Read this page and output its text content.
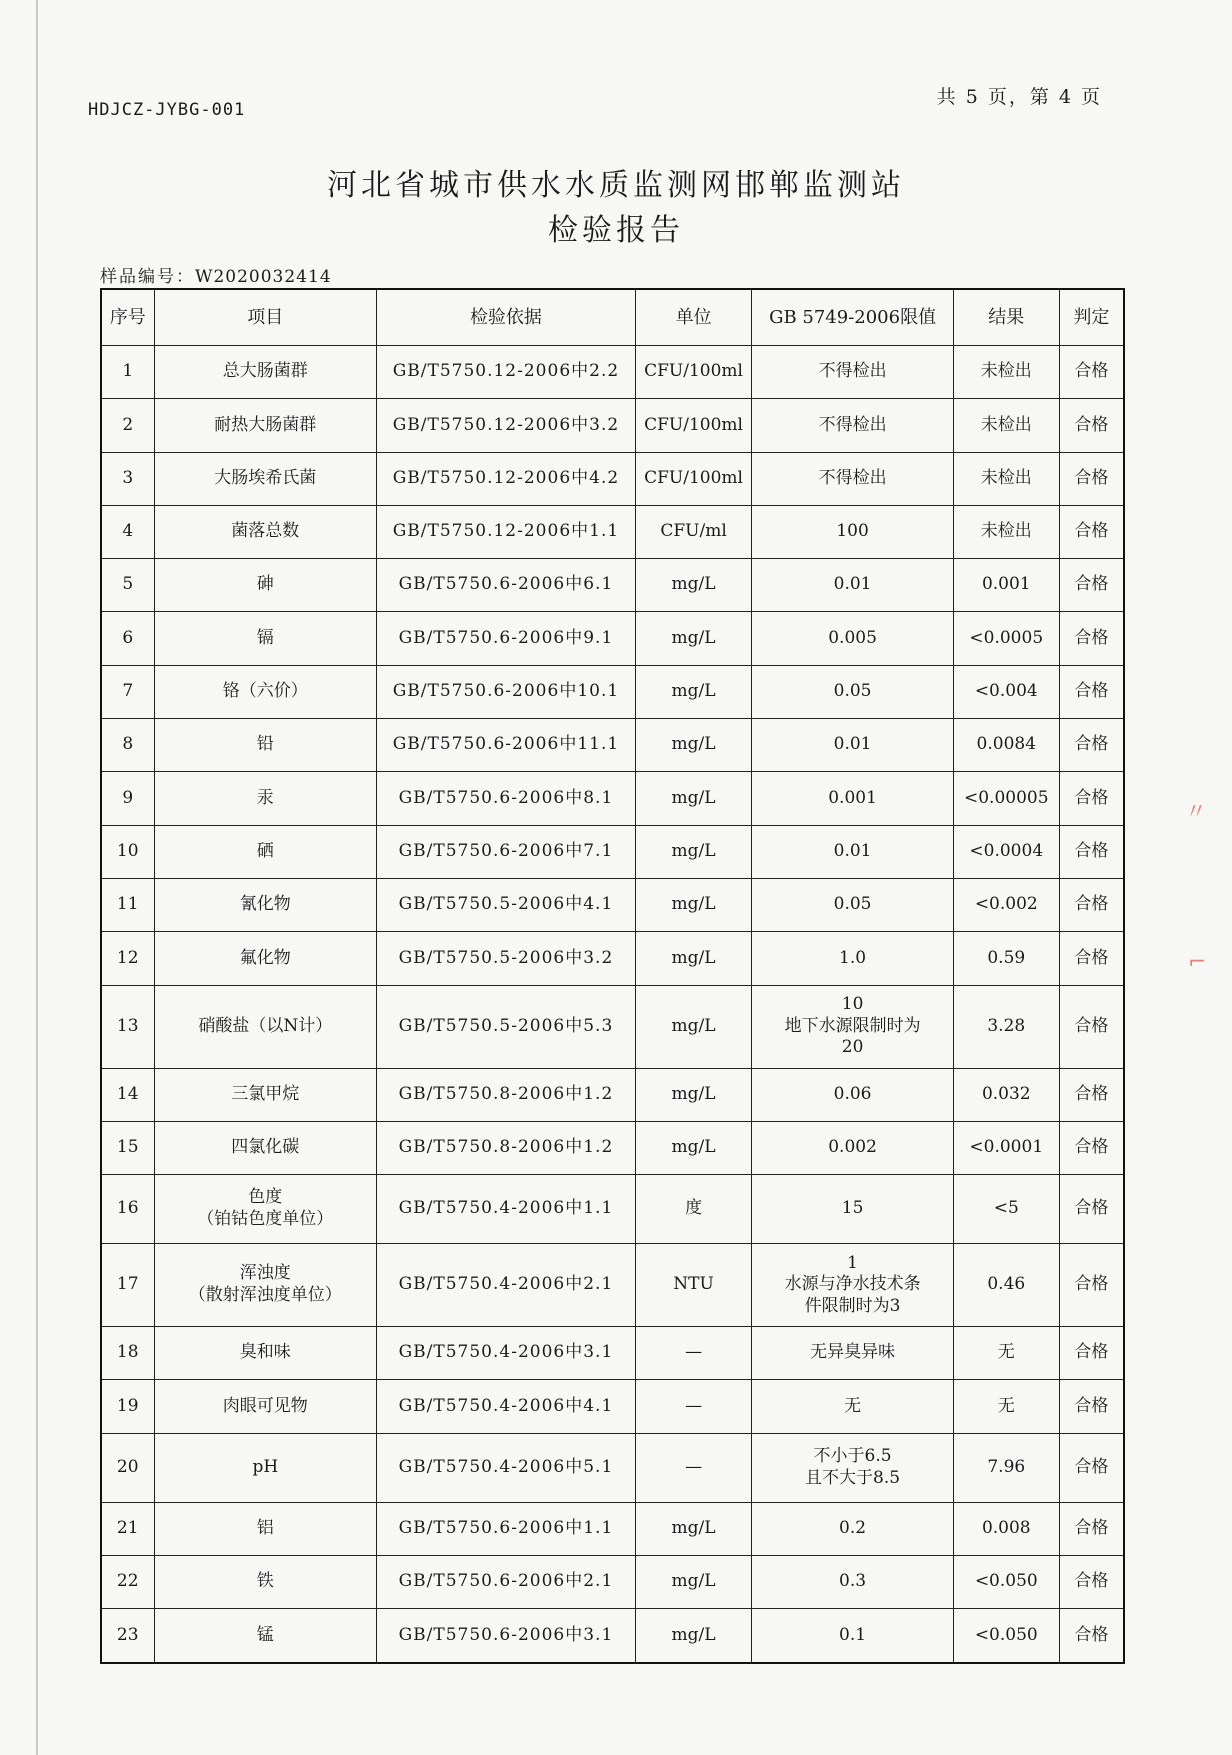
HDJCZ-JYBG-001
共 5 页，第 4 页
河北省城市供水水质监测网邯郸监测站
检验报告
样品编号：W2020032414
序号	项目	检验依据	单位	GB 5749-2006限值	结果	判定
1	总大肠菌群	GB/T5750.12-2006中2.2	CFU/100ml	不得检出	未检出	合格
2	耐热大肠菌群	GB/T5750.12-2006中3.2	CFU/100ml	不得检出	未检出	合格
3	大肠埃希氏菌	GB/T5750.12-2006中4.2	CFU/100ml	不得检出	未检出	合格
4	菌落总数	GB/T5750.12-2006中1.1	CFU/ml	100	未检出	合格
5	砷	GB/T5750.6-2006中6.1	mg/L	0.01	0.001	合格
6	镉	GB/T5750.6-2006中9.1	mg/L	0.005	<0.0005	合格
7	铬（六价）	GB/T5750.6-2006中10.1	mg/L	0.05	<0.004	合格
8	铅	GB/T5750.6-2006中11.1	mg/L	0.01	0.0084	合格
9	汞	GB/T5750.6-2006中8.1	mg/L	0.001	<0.00005	合格
10	硒	GB/T5750.6-2006中7.1	mg/L	0.01	<0.0004	合格
11	氰化物	GB/T5750.5-2006中4.1	mg/L	0.05	<0.002	合格
12	氟化物	GB/T5750.5-2006中3.2	mg/L	1.0	0.59	合格
13	硝酸盐（以N计）	GB/T5750.5-2006中5.3	mg/L	10
地下水源限制时为
20	3.28	合格
14	三氯甲烷	GB/T5750.8-2006中1.2	mg/L	0.06	0.032	合格
15	四氯化碳	GB/T5750.8-2006中1.2	mg/L	0.002	<0.0001	合格
16	色度
（铂钴色度单位）	GB/T5750.4-2006中1.1	度	15	<5	合格
17	浑浊度
（散射浑浊度单位）	GB/T5750.4-2006中2.1	NTU	1
水源与净水技术条
件限制时为3	0.46	合格
18	臭和味	GB/T5750.4-2006中3.1	—	无异臭异味	无	合格
19	肉眼可见物	GB/T5750.4-2006中4.1	—	无	无	合格
20	pH	GB/T5750.4-2006中5.1	—	不小于6.5
且不大于8.5	7.96	合格
21	铝	GB/T5750.6-2006中1.1	mg/L	0.2	0.008	合格
22	铁	GB/T5750.6-2006中2.1	mg/L	0.3	<0.050	合格
23	锰	GB/T5750.6-2006中3.1	mg/L	0.1	<0.050	合格
〃
⌐
